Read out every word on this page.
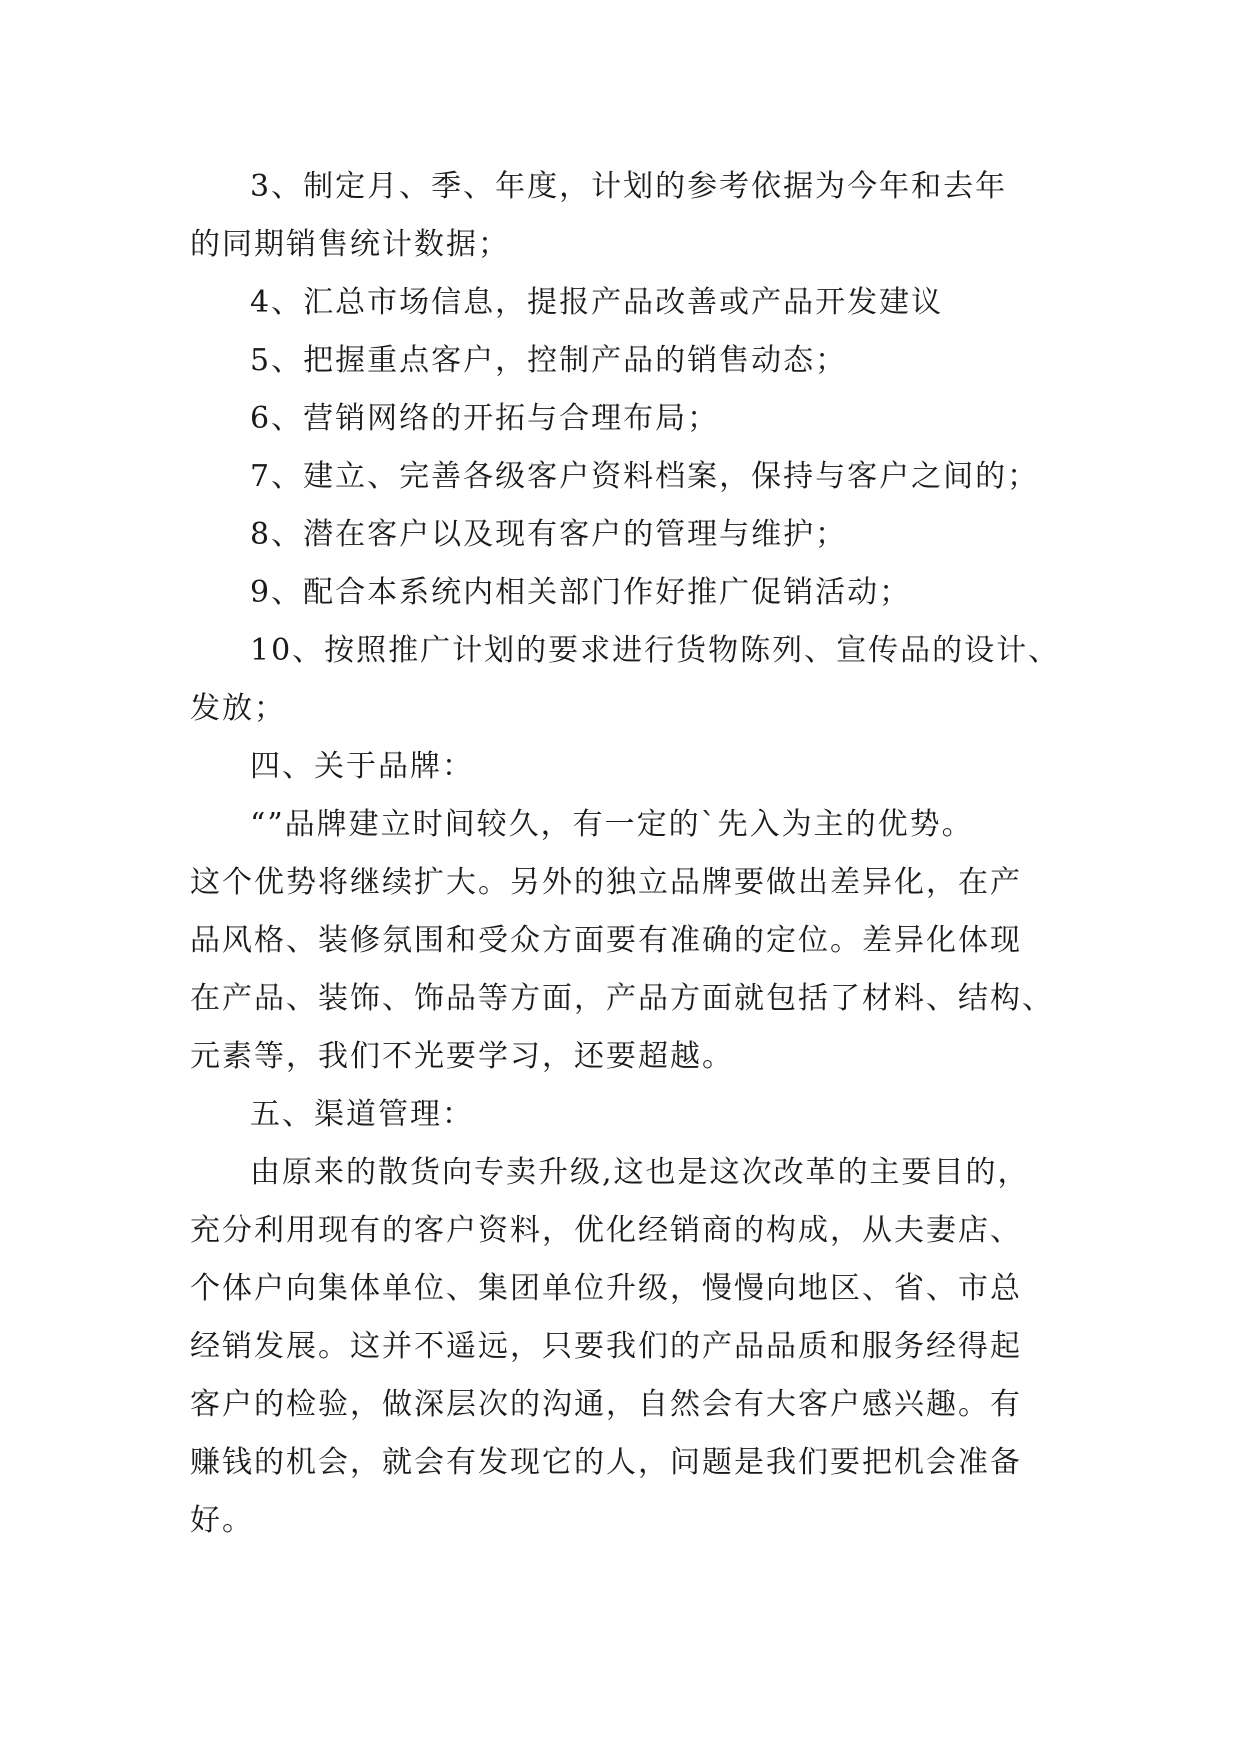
3、制定月、季、年度，计划的参考依据为今年和去年
的同期销售统计数据；
4、汇总市场信息，提报产品改善或产品开发建议
5、把握重点客户，控制产品的销售动态；
6、营销网络的开拓与合理布局；
7、建立、完善各级客户资料档案，保持与客户之间的；
8、潜在客户以及现有客户的管理与维护；
9、配合本系统内相关部门作好推广促销活动；
10、按照推广计划的要求进行货物陈列、宣传品的设计、
发放；
四、关于品牌：
“”品牌建立时间较久，有一定的`先入为主的优势。
这个优势将继续扩大。另外的独立品牌要做出差异化，在产
品风格、装修氛围和受众方面要有准确的定位。差异化体现
在产品、装饰、饰品等方面，产品方面就包括了材料、结构、
元素等，我们不光要学习，还要超越。
五、渠道管理：
由原来的散货向专卖升级,这也是这次改革的主要目的，
充分利用现有的客户资料，优化经销商的构成，从夫妻店、
个体户向集体单位、集团单位升级，慢慢向地区、省、市总
经销发展。这并不遥远，只要我们的产品品质和服务经得起
客户的检验，做深层次的沟通，自然会有大客户感兴趣。有
赚钱的机会，就会有发现它的人，问题是我们要把机会准备
好。
